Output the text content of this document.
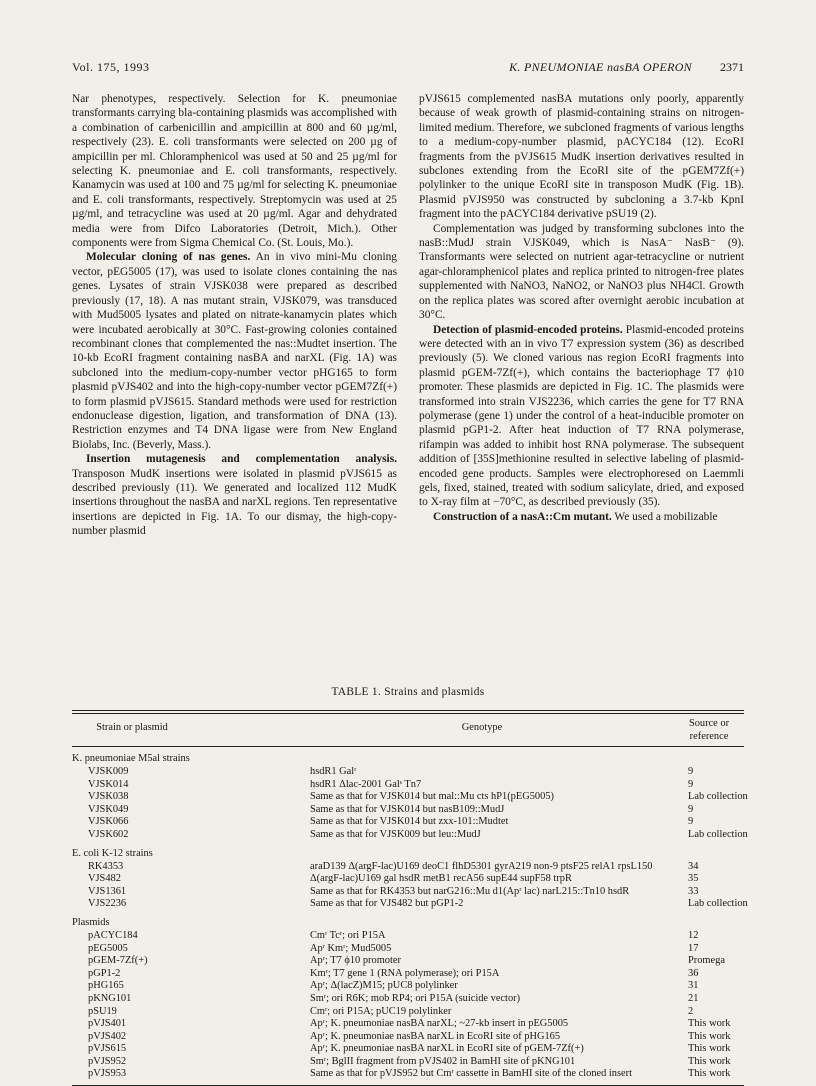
Vol. 175, 1993	K. PNEUMONIAE nasBA OPERON 2371

Nar phenotypes, respectively. Selection for K. pneumoniae transformants carrying bla-containing plasmids was accomplished with a combination of carbenicillin and ampicillin at 800 and 60 µg/ml, respectively (23). E. coli transformants were selected on 200 µg of ampicillin per ml. Chloramphenicol was used at 50 and 25 µg/ml for selecting K. pneumoniae and E. coli transformants, respectively. Kanamycin was used at 100 and 75 µg/ml for selecting K. pneumoniae and E. coli transformants, respectively. Streptomycin was used at 25 µg/ml, and tetracycline was used at 20 µg/ml. Agar and dehydrated media were from Difco Laboratories (Detroit, Mich.). Other components were from Sigma Chemical Co. (St. Louis, Mo.).

Molecular cloning of nas genes. An in vivo mini-Mu cloning vector, pEG5005 (17), was used to isolate clones containing the nas genes. Lysates of strain VJSK038 were prepared as described previously (17, 18). A nas mutant strain, VJSK079, was transduced with Mud5005 lysates and plated on nitrate-kanamycin plates which were incubated aerobically at 30°C. Fast-growing colonies contained recombinant clones that complemented the nas::Mudtet insertion. The 10-kb EcoRI fragment containing nasBA and narXL (Fig. 1A) was subcloned into the medium-copy-number vector pHG165 to form plasmid pVJS402 and into the high-copy-number vector pGEM7Zf(+) to form plasmid pVJS615. Standard methods were used for restriction endonuclease digestion, ligation, and transformation of DNA (13). Restriction enzymes and T4 DNA ligase were from New England Biolabs, Inc. (Beverly, Mass.).

Insertion mutagenesis and complementation analysis. Transposon MudK insertions were isolated in plasmid pVJS615 as described previously (11). We generated and localized 112 MudK insertions throughout the nasBA and narXL regions. Ten representative insertions are depicted in Fig. 1A. To our dismay, the high-copy-number plasmid

pVJS615 complemented nasBA mutations only poorly, apparently because of weak growth of plasmid-containing strains on nitrogen-limited medium. Therefore, we subcloned fragments of various lengths to a medium-copy-number plasmid, pACYC184 (12). EcoRI fragments from the pVJS615 MudK insertion derivatives resulted in subclones extending from the EcoRI site of the pGEM7Zf(+) polylinker to the unique EcoRI site in transposon MudK (Fig. 1B). Plasmid pVJS950 was constructed by subcloning a 3.7-kb KpnI fragment into the pACYC184 derivative pSU19 (2).

Complementation was judged by transforming subclones into the nasB::MudJ strain VJSK049, which is NasA⁻ NasB⁻ (9). Transformants were selected on nutrient agar-tetracycline or nutrient agar-chloramphenicol plates and replica printed to nitrogen-free plates supplemented with NaNO3, NaNO2, or NaNO3 plus NH4Cl. Growth on the replica plates was scored after overnight aerobic incubation at 30°C.

Detection of plasmid-encoded proteins. Plasmid-encoded proteins were detected with an in vivo T7 expression system (36) as described previously (5). We cloned various nas region EcoRI fragments into plasmid pGEM-7Zf(+), which contains the bacteriophage T7 ϕ10 promoter. These plasmids are depicted in Fig. 1C. The plasmids were transformed into strain VJS2236, which carries the gene for T7 RNA polymerase (gene 1) under the control of a heat-inducible promoter on plasmid pGP1-2. After heat induction of T7 RNA polymerase, rifampin was added to inhibit host RNA polymerase. The subsequent addition of [35S]methionine resulted in selective labeling of plasmid-encoded gene products. Samples were electrophoresed on Laemmli gels, fixed, stained, treated with sodium salicylate, dried, and exposed to X-ray film at −70°C, as described previously (35).

Construction of a nasA::Cm mutant. We used a mobilizable

TABLE 1. Strains and plasmids
Strain or plasmid	Genotype	Source or
reference
K. pneumoniae M5al strains
VJSK009	hsdR1 Galʳ	9
VJSK014	hsdR1 Δlac-2001 Galˢ Tn7	9
VJSK038	Same as that for VJSK014 but mal::Mu cts hP1(pEG5005)	Lab collection
VJSK049	Same as that for VJSK014 but nasB109::MudJ	9
VJSK066	Same as that for VJSK014 but zxx-101::Mudtet	9
VJSK602	Same as that for VJSK009 but leu::MudJ	Lab collection
E. coli K-12 strains
RK4353	araD139 Δ(argF-lac)U169 deoC1 flhD5301 gyrA219 non-9 ptsF25 relA1 rpsL150	34
VJS482	Δ(argF-lac)U169 gal hsdR metB1 recA56 supE44 supF58 trpR	35
VJS1361	Same as that for RK4353 but narG216::Mu d1(Apʳ lac) narL215::Tn10 hsdR	33
VJS2236	Same as that for VJS482 but pGP1-2	Lab collection
Plasmids
pACYC184	Cmʳ Tcʳ; ori P15A	12
pEG5005	Apʳ Kmʳ; Mud5005	17
pGEM-7Zf(+)	Apʳ; T7 ϕ10 promoter	Promega
pGP1-2	Kmʳ; T7 gene 1 (RNA polymerase); ori P15A	36
pHG165	Apʳ; Δ(lacZ)M15; pUC8 polylinker	31
pKNG101	Smʳ; ori R6K; mob RP4; ori P15A (suicide vector)	21
pSU19	Cmʳ; ori P15A; pUC19 polylinker	2
pVJS401	Apʳ; K. pneumoniae nasBA narXL; ~27-kb insert in pEG5005	This work
pVJS402	Apʳ; K. pneumoniae nasBA narXL in EcoRI site of pHG165	This work
pVJS615	Apʳ; K. pneumoniae nasBA narXL in EcoRI site of pGEM-7Zf(+)	This work
pVJS952	Smʳ; BglII fragment from pVJS402 in BamHI site of pKNG101	This work
pVJS953	Same as that for pVJS952 but Cmʳ cassette in BamHI site of the cloned insert	This work
